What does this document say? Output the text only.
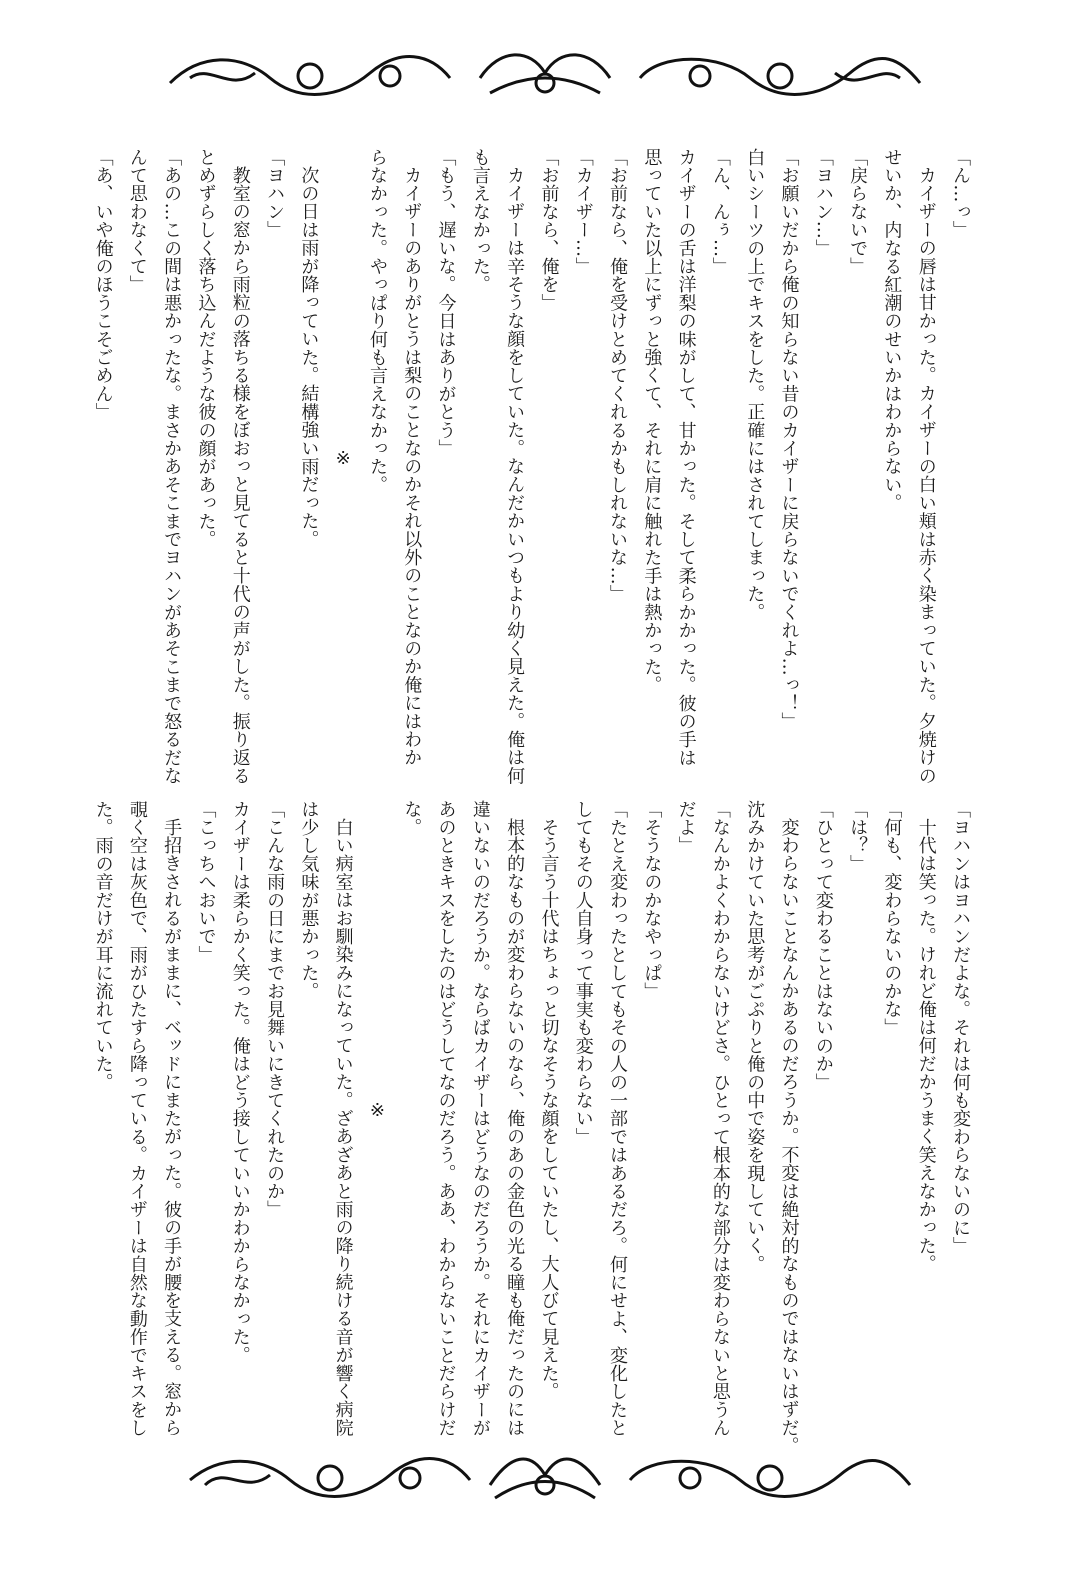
「ん…っ」
カイザーの唇は甘かった。カイザーの白い頬は赤く染まっていた。夕焼けの
せいか、内なる紅潮のせいかはわからない。
「戻らないで」
「ヨハン…」
「お願いだから俺の知らない昔のカイザーに戻らないでくれよ…っ！」
白いシーツの上でキスをした。正確にはされてしまった。
「ん、んぅ…」
カイザーの舌は洋梨の味がして、甘かった。そして柔らかかった。彼の手は
思っていた以上にずっと強くて、それに肩に触れた手は熱かった。
「お前なら、俺を受けとめてくれるかもしれないな…」
「カイザー…」
「お前なら、俺を」
カイザーは辛そうな顔をしていた。なんだかいつもより幼く見えた。俺は何
も言えなかった。
「もう、遅いな。今日はありがとう」
カイザーのありがとうは梨のことなのかそれ以外のことなのか俺にはわか
らなかった。やっぱり何も言えなかった。
※
次の日は雨が降っていた。結構強い雨だった。
「ヨハン」
教室の窓から雨粒の落ちる様をぼおっと見てると十代の声がした。振り返る
とめずらしく落ち込んだような彼の顔があった。
「あの…この間は悪かったな。まさかあそこまでヨハンがあそこまで怒るだな
んて思わなくて」
「あ、いや俺のほうこそごめん」
「ヨハンはヨハンだよな。それは何も変わらないのに」
十代は笑った。けれど俺は何だかうまく笑えなかった。
「何も、変わらないのかな」
「は？」
「ひとって変わることはないのか」
変わらないことなんかあるのだろうか。不変は絶対的なものではないはずだ。
沈みかけていた思考がごぷりと俺の中で姿を現していく。
「なんかよくわからないけどさ。ひとって根本的な部分は変わらないと思うん
だよ」
「そうなのかなやっぱ」
「たとえ変わったとしてもその人の一部ではあるだろ。何にせよ、変化したと
してもその人自身って事実も変わらない」
そう言う十代はちょっと切なそうな顔をしていたし、大人びて見えた。
根本的なものが変わらないのなら、俺のあの金色の光る瞳も俺だったのには
違いないのだろうか。ならばカイザーはどうなのだろうか。それにカイザーが
あのときキスをしたのはどうしてなのだろう。ああ、わからないことだらけだ
な。
※
白い病室はお馴染みになっていた。ざあざあと雨の降り続ける音が響く病院
は少し気味が悪かった。
「こんな雨の日にまでお見舞いにきてくれたのか」
カイザーは柔らかく笑った。俺はどう接していいかわからなかった。
「こっちへおいで」
手招きされるがままに、ベッドにまたがった。彼の手が腰を支える。窓から
覗く空は灰色で、雨がひたすら降っている。カイザーは自然な動作でキスをし
た。雨の音だけが耳に流れていた。
